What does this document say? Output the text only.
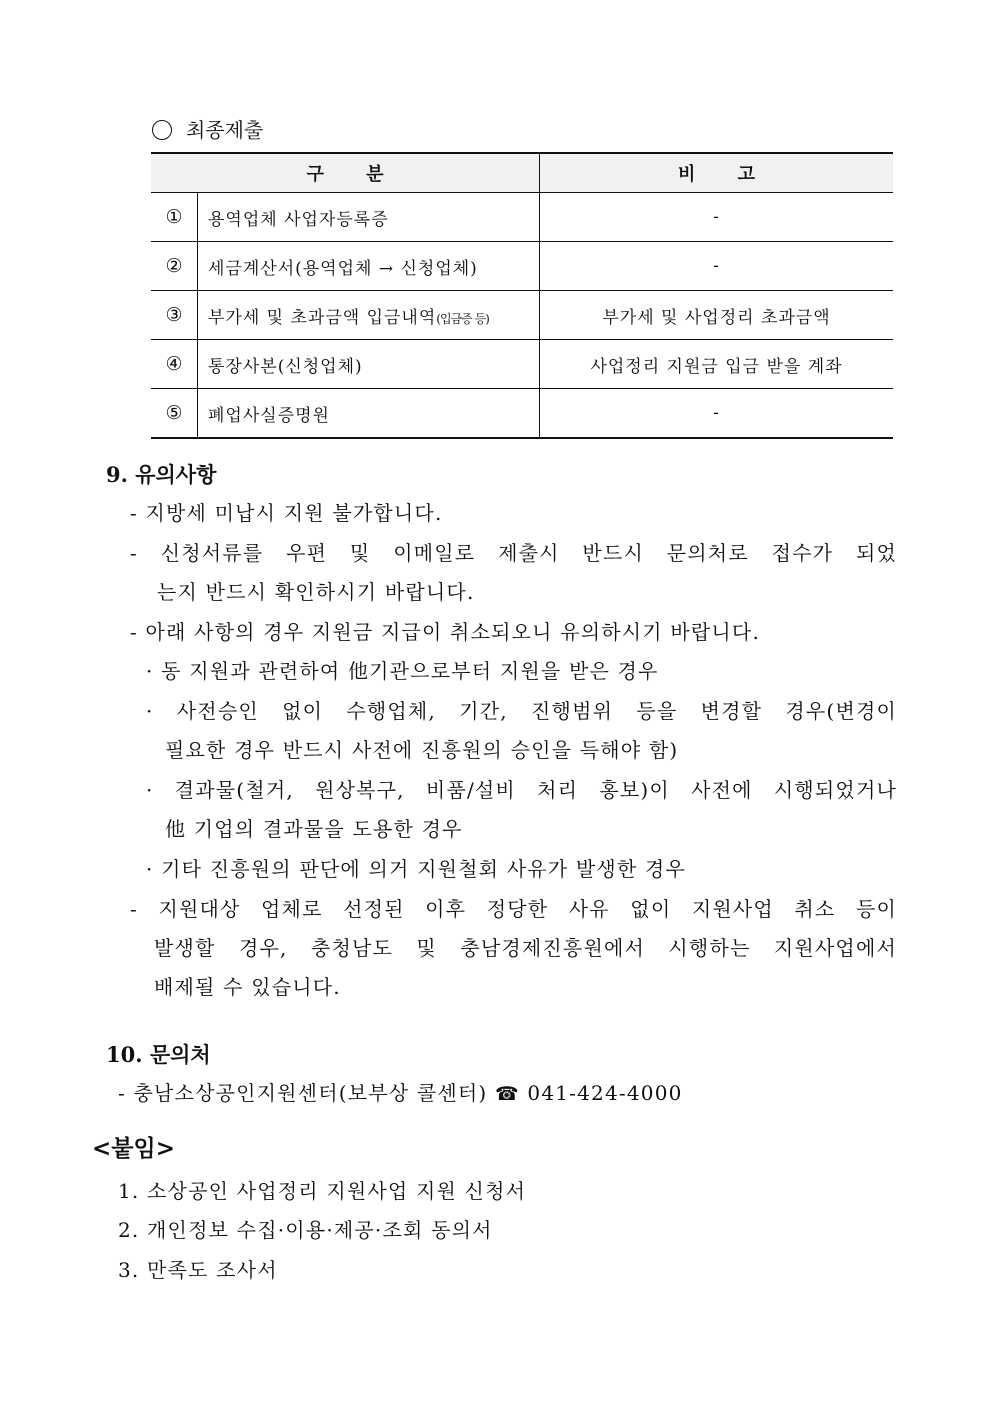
최종제출
구 분		비 고
①	용역업체 사업자등록증	-
②	세금계산서(용역업체 → 신청업체)	-
③	부가세 및 초과금액 입금내역(입금증 등)	부가세 및 사업정리 초과금액
④	통장사본(신청업체)	사업정리 지원금 입금 받을 계좌
⑤	폐업사실증명원	-
9. 유의사항
- 지방세 미납시 지원 불가합니다.
- 신청서류를 우편 및 이메일로 제출시 반드시 문의처로 접수가 되었
는지 반드시 확인하시기 바랍니다.
- 아래 사항의 경우 지원금 지급이 취소되오니 유의하시기 바랍니다.
· 동 지원과 관련하여 他기관으로부터 지원을 받은 경우
· 사전승인 없이 수행업체, 기간, 진행범위 등을 변경할 경우(변경이
필요한 경우 반드시 사전에 진흥원의 승인을 득해야 함)
· 결과물(철거, 원상복구, 비품/설비 처리 홍보)이 사전에 시행되었거나
他 기업의 결과물을 도용한 경우
· 기타 진흥원의 판단에 의거 지원철회 사유가 발생한 경우
- 지원대상 업체로 선정된 이후 정당한 사유 없이 지원사업 취소 등이
발생할 경우, 충청남도 및 충남경제진흥원에서 시행하는 지원사업에서
배제될 수 있습니다.
10. 문의처
- 충남소상공인지원센터(보부상 콜센터) ☎ 041-424-4000
<붙임>
1. 소상공인 사업정리 지원사업 지원 신청서
2. 개인정보 수집·이용·제공·조회 동의서
3. 만족도 조사서
